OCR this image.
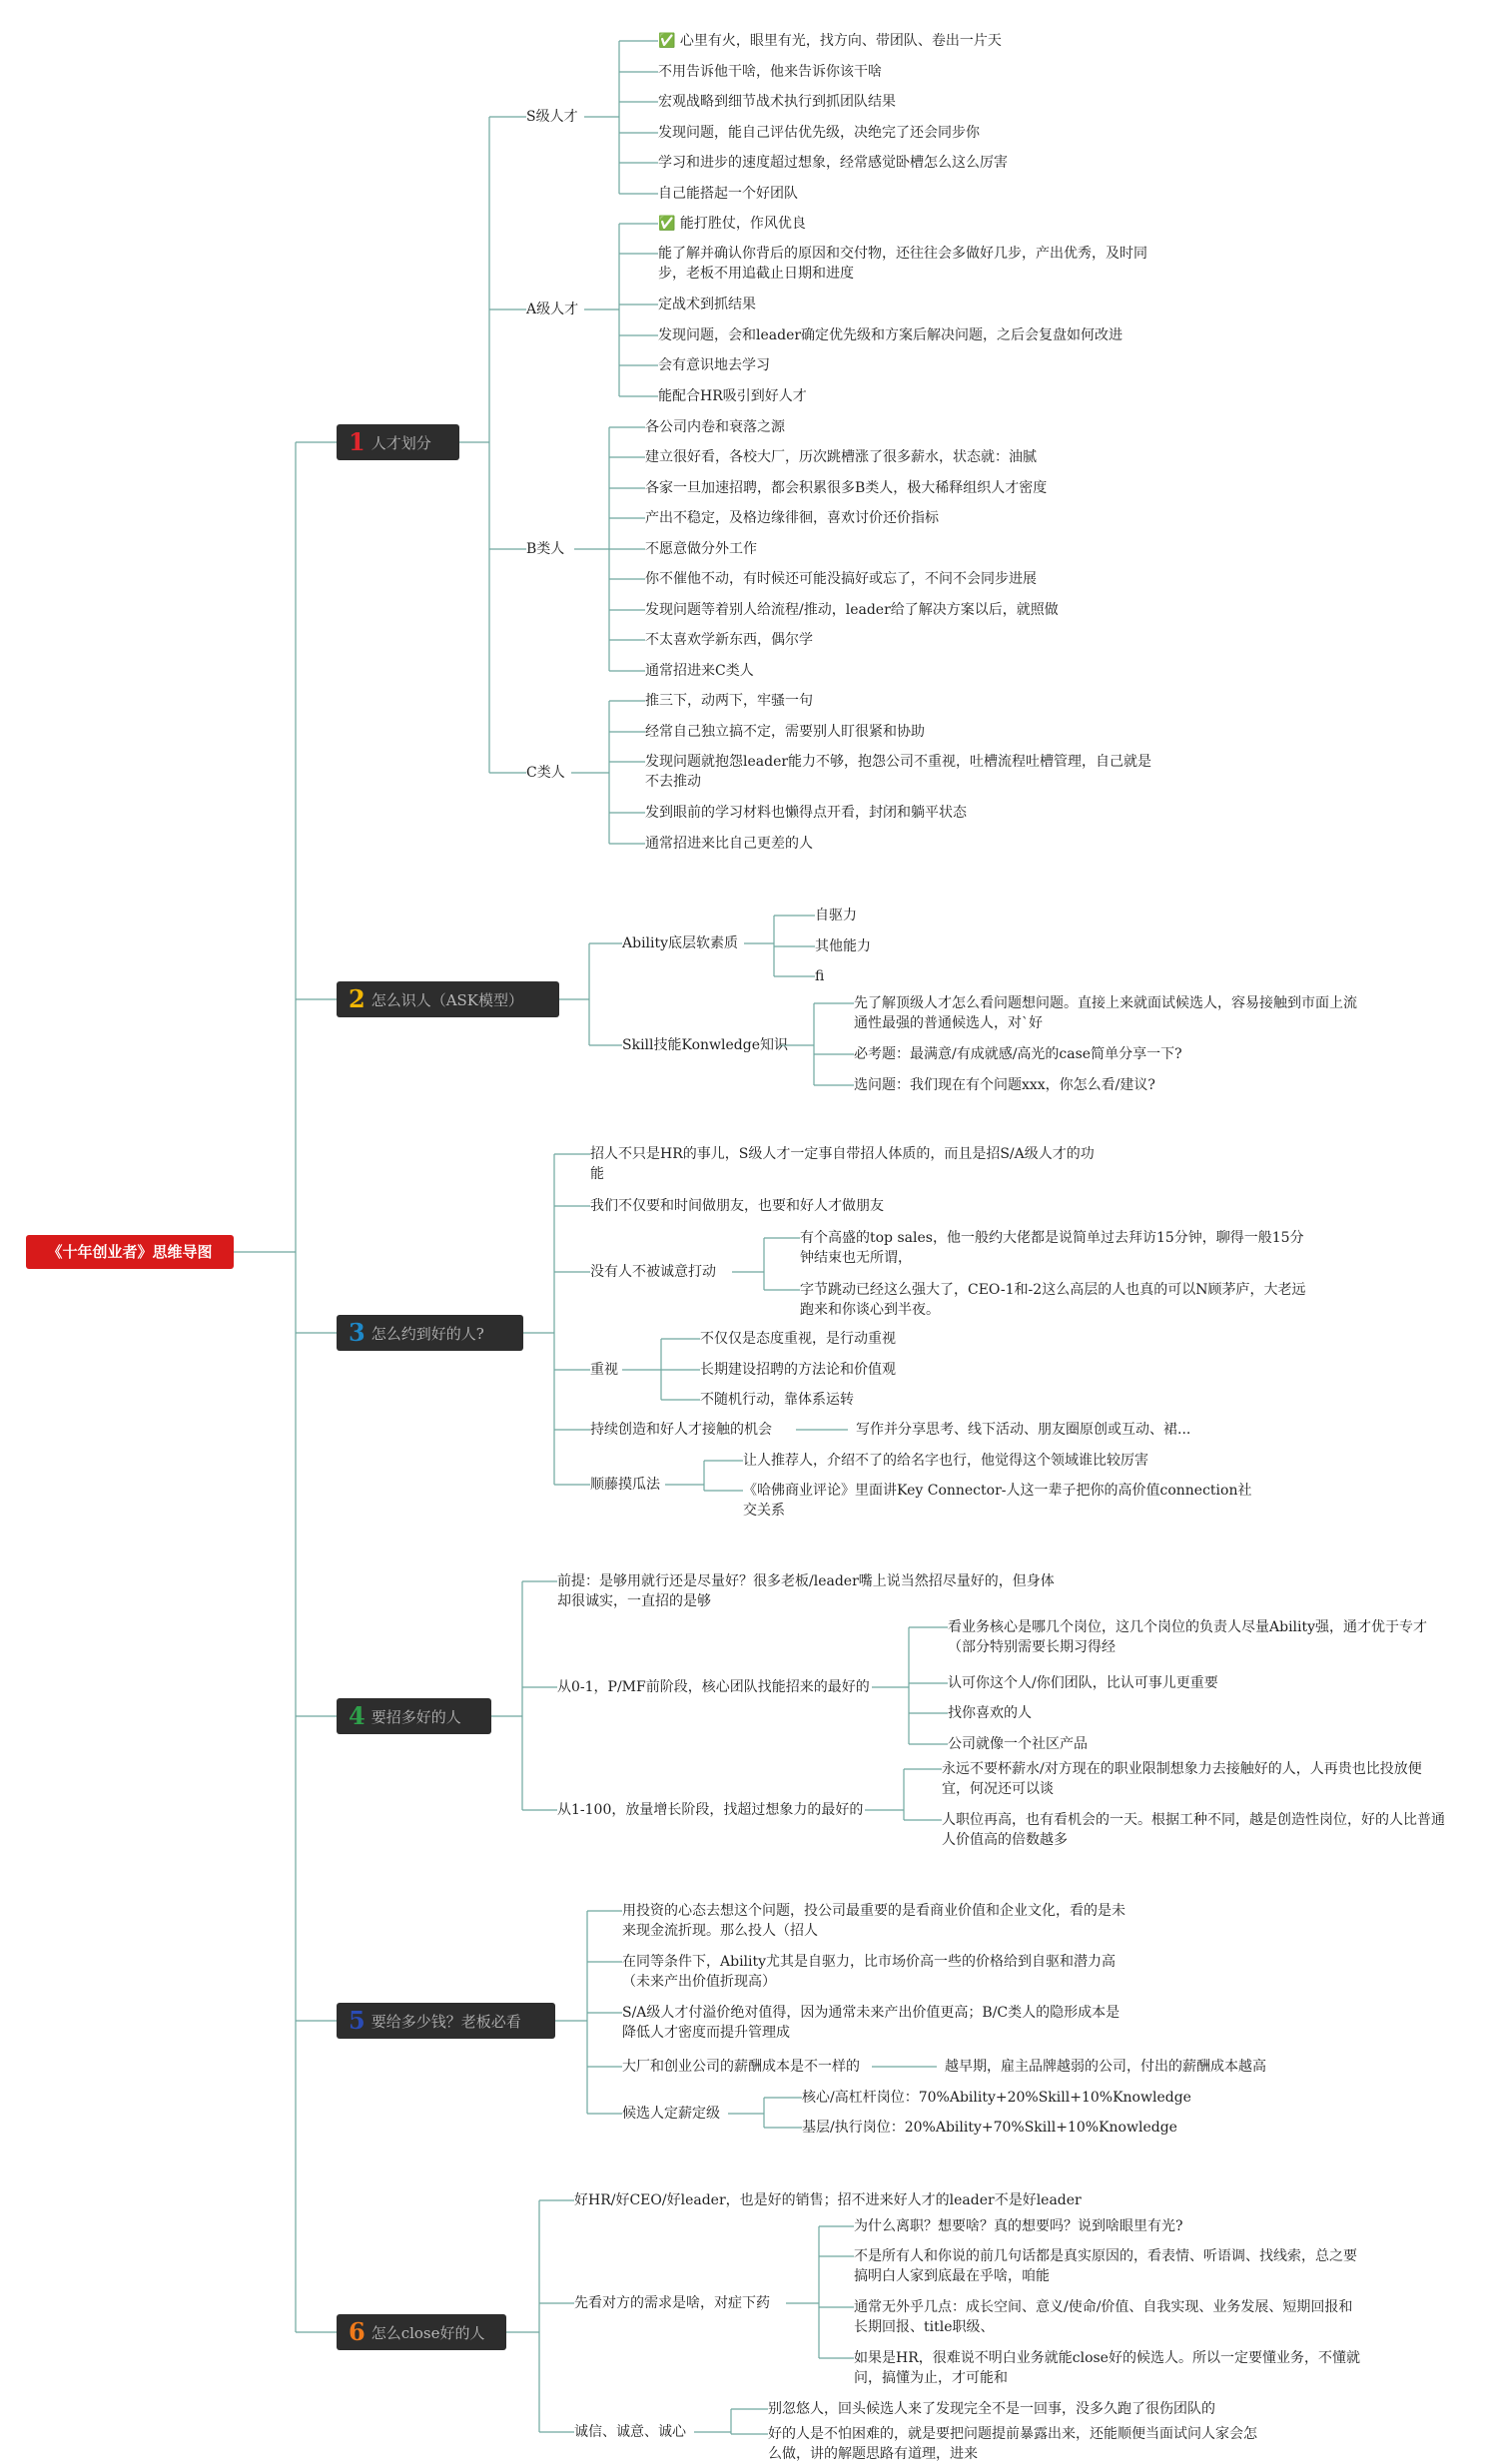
《十年创业者》思维导图
1 人才划分
2 怎么识人（ASK模型）
3 怎么约到好的人?
4 要招多好的人
5 要给多少钱？老板必看
6 怎么close好的人
S级人才
✅ 心里有火，眼里有光，找方向、带团队、卷出一片天
不用告诉他干啥，他来告诉你该干啥
宏观战略到细节战术执行到抓团队结果
发现问题，能自己评估优先级，决绝完了还会同步你
学习和进步的速度超过想象，经常感觉卧槽怎么这么厉害
自己能搭起一个好团队
A级人才
✅ 能打胜仗，作风优良
能了解并确认你背后的原因和交付物，还往往会多做好几步，产出优秀，及时同步，老板不用追截止日期和进度
定战术到抓结果
发现问题，会和leader确定优先级和方案后解决问题，之后会复盘如何改进
会有意识地去学习
能配合HR吸引到好人才
B类人
各公司内卷和衰落之源
建立很好看，各校大厂，历次跳槽涨了很多薪水，状态就：油腻
各家一旦加速招聘，都会积累很多B类人，极大稀释组织人才密度
产出不稳定，及格边缘徘徊，喜欢讨价还价指标
不愿意做分外工作
你不催他不动，有时候还可能没搞好或忘了，不问不会同步进展
发现问题等着别人给流程/推动，leader给了解决方案以后，就照做
不太喜欢学新东西，偶尔学
通常招进来C类人
C类人
推三下，动两下，牢骚一句
经常自己独立搞不定，需要别人盯很紧和协助
发现问题就抱怨leader能力不够，抱怨公司不重视，吐槽流程吐槽管理，自己就是不去推动
发到眼前的学习材料也懒得点开看，封闭和躺平状态
通常招进来比自己更差的人
Ability底层软素质
自驱力
其他能力
fi
Skill技能Konwledge知识
先了解顶级人才怎么看问题想问题。直接上来就面试候选人，容易接触到市面上流通性最强的普通候选人，对`好
必考题：最满意/有成就感/高光的case简单分享一下?
选问题：我们现在有个问题xxx，你怎么看/建议?
招人不只是HR的事儿，S级人才一定事自带招人体质的，而且是招S/A级人才的功能
我们不仅要和时间做朋友，也要和好人才做朋友
没有人不被诚意打动
有个高盛的top sales，他一般约大佬都是说简单过去拜访15分钟，聊得一般15分钟结束也无所谓，
字节跳动已经这么强大了，CEO-1和-2这么高层的人也真的可以N顾茅庐，大老远跑来和你谈心到半夜。
重视
不仅仅是态度重视，是行动重视
长期建设招聘的方法论和价值观
不随机行动，靠体系运转
持续创造和好人才接触的机会	写作并分享思考、线下活动、朋友圈原创或互动、裙...
顺藤摸瓜法
让人推荐人，介绍不了的给名字也行，他觉得这个领域谁比较厉害
《哈佛商业评论》里面讲Key Connector-人这一辈子把你的高价值connection社交关系
前提：是够用就行还是尽量好？很多老板/leader嘴上说当然招尽量好的，但身体却很诚实，一直招的是够
从0-1，P/MF前阶段，核心团队找能招来的最好的
看业务核心是哪几个岗位，这几个岗位的负责人尽量Ability强，通才优于专才（部分特别需要长期习得经
认可你这个人/你们团队，比认可事儿更重要
找你喜欢的人
公司就像一个社区产品
从1-100，放量增长阶段，找超过想象力的最好的
永远不要杯薪水/对方现在的职业限制想象力去接触好的人，人再贵也比投放便宜，何况还可以谈
人职位再高，也有看机会的一天。根据工种不同，越是创造性岗位，好的人比普通人价值高的倍数越多
用投资的心态去想这个问题，投公司最重要的是看商业价值和企业文化，看的是未来现金流折现。那么投人（招人
在同等条件下，Ability尤其是自驱力，比市场价高一些的价格给到自驱和潜力高（未来产出价值折现高）
S/A级人才付溢价绝对值得，因为通常未来产出价值更高；B/C类人的隐形成本是降低人才密度而提升管理成
大厂和创业公司的薪酬成本是不一样的	越早期，雇主品牌越弱的公司，付出的薪酬成本越高
候选人定薪定级
核心/高杠杆岗位：70%Ability+20%Skill+10%Knowledge
基层/执行岗位：20%Ability+70%Skill+10%Knowledge
好HR/好CEO/好leader，也是好的销售；招不进来好人才的leader不是好leader
先看对方的需求是啥，对症下药
为什么离职？想要啥？真的想要吗？说到啥眼里有光?
不是所有人和你说的前几句话都是真实原因的，看表情、听语调、找线索，总之要搞明白人家到底最在乎啥，咱能
通常无外乎几点：成长空间、意义/使命/价值、自我实现、业务发展、短期回报和长期回报、title职级、
如果是HR，很难说不明白业务就能close好的候选人。所以一定要懂业务，不懂就问，搞懂为止，才可能和
诚信、诚意、诚心
别忽悠人，回头候选人来了发现完全不是一回事，没多久跑了很伤团队的
好的人是不怕困难的，就是要把问题提前暴露出来，还能顺便当面试问人家会怎么做，讲的解题思路有道理，进来
